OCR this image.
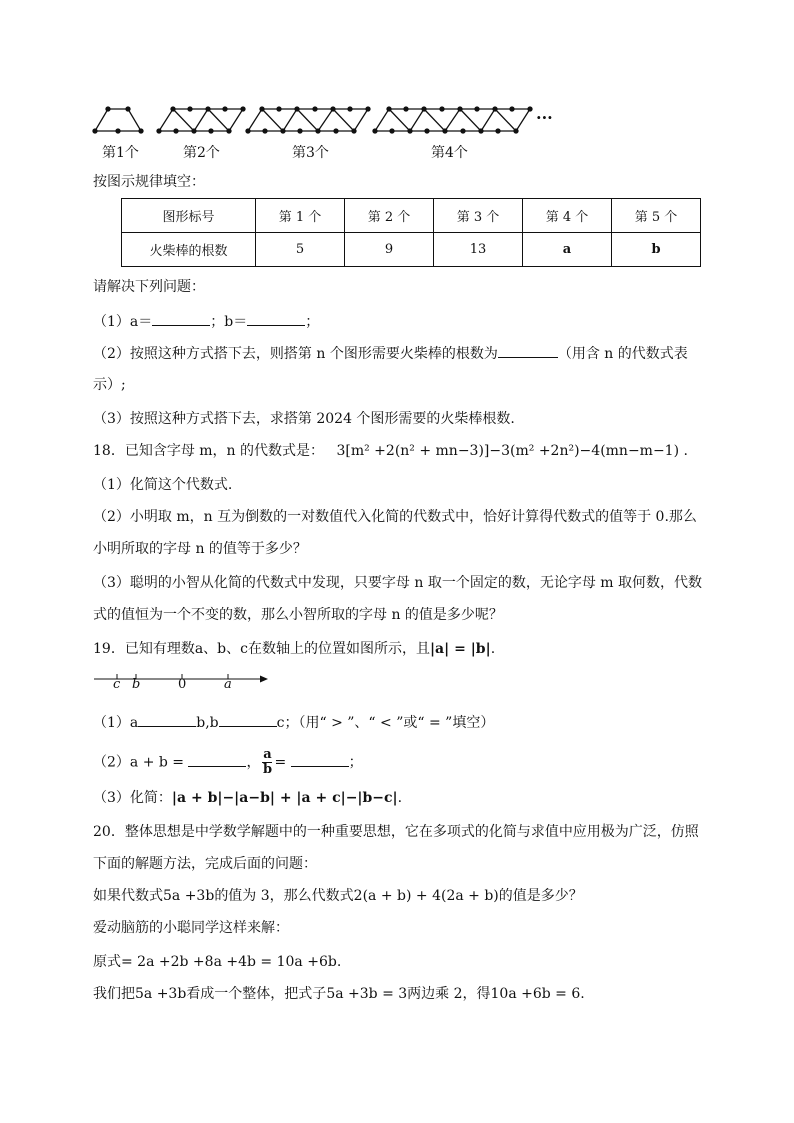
···
第1个	第2个	第3个	第4个
按图示规律填空：
图形标号	第 1 个	第 2 个	第 3 个	第 4 个	第 5 个
火柴棒的根数	5	9	13	a	b
请解决下列问题：
（1）a＝	；b＝	；
（2）按照这种方式搭下去，则搭第 n 个图形需要火柴棒的根数为	（用含 n 的代数式表
示）;
（3）按照这种方式搭下去，求搭第 2024 个图形需要的火柴棒根数.
18．已知含字母 m，n 的代数式是： 3[m² +2(n² + mn−3)]−3(m² +2n²)−4(mn−m−1) .
（1）化简这个代数式.
（2）小明取 m，n 互为倒数的一对数值代入化简的代数式中，恰好计算得代数式的值等于 0.那么
小明所取的字母 n 的值等于多少？
（3）聪明的小智从化简的代数式中发现，只要字母 n 取一个固定的数，无论字母 m 取何数，代数
式的值恒为一个不变的数，那么小智所取的字母 n 的值是多少呢？
19．已知有理数a、b、c在数轴上的位置如图所示，且|a| = |b|.
c b	0	a
（1）a	b,b	c；（用“ > ”、“ < ”或“ = ”填空）
（2）a + b =	， $\frac{a}{b}$ =	；
（3）化简：|a + b|−|a−b| + |a + c|−|b−c|.
20．整体思想是中学数学解题中的一种重要思想，它在多项式的化简与求值中应用极为广泛，仿照
下面的解题方法，完成后面的问题：
如果代数式5a +3b的值为 3，那么代数式2(a + b) + 4(2a + b)的值是多少？
爱动脑筋的小聪同学这样来解：
原式= 2a +2b +8a +4b = 10a +6b.
我们把5a +3b看成一个整体，把式子5a +3b = 3两边乘 2，得10a +6b = 6.
